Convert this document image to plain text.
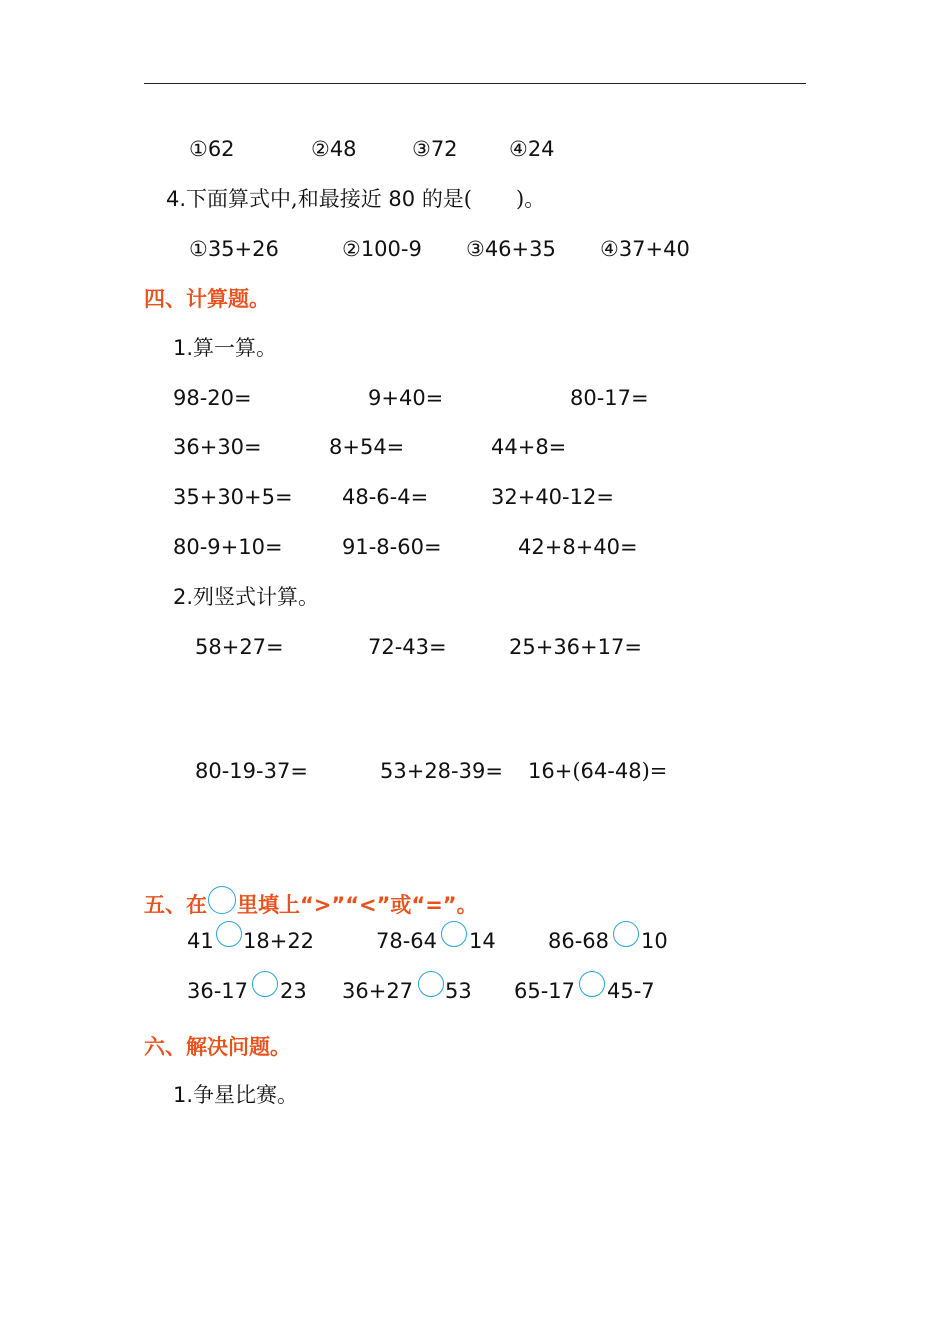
①62	②48	③72 ④24
4.下面算式中,和最接近 80 的是( )。
①35+26	②100-9 ③46+35 ④37+40
四、计算题。
1.算一算。
98-20=	9+40=	80-17=
36+30=	8+54=	44+8=
35+30+5= 48-6-4=	32+40-12=
80-9+10=	91-8-60=	42+8+40=
2.列竖式计算。
58+27=	72-43=	25+36+17=
80-19-37=	53+28-39= 16+(64-48)=
五、在 里填上“>”“<”或“=”。
41 18+22	78-64 14 86-68 10
36-17 23 36+27 53 65-17 45-7
六、解决问题。
1.争星比赛。
